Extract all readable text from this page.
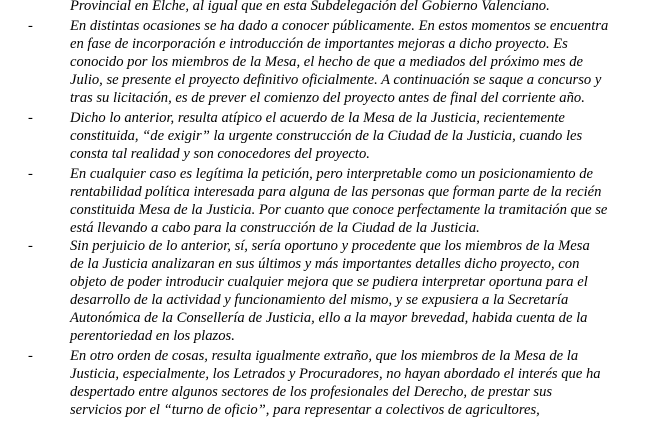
Provincial en Elche, al igual que en esta Subdelegación del Gobierno Valenciano.
-	En distintas ocasiones se ha dado a conocer públicamente. En estos momentos se encuentra
en fase de incorporación e introducción de importantes mejoras a dicho proyecto. Es
conocido por los miembros de la Mesa, el hecho de que a mediados del próximo mes de
Julio, se presente el proyecto definitivo oficialmente. A continuación se saque a concurso y
tras su licitación, es de prever el comienzo del proyecto antes de final del corriente año.
-	Dicho lo anterior, resulta atípico el acuerdo de la Mesa de la Justicia, recientemente
constituida, “de exigir” la urgente construcción de la Ciudad de la Justicia, cuando les
consta tal realidad y son conocedores del proyecto.
-	En cualquier caso es legítima la petición, pero interpretable como un posicionamiento de
rentabilidad política interesada para alguna de las personas que forman parte de la recién
constituida Mesa de la Justicia. Por cuanto que conoce perfectamente la tramitación que se
está llevando a cabo para la construcción de la Ciudad de la Justicia.
-	Sin perjuicio de lo anterior, sí, sería oportuno y procedente que los miembros de la Mesa
de la Justicia analizaran en sus últimos y más importantes detalles dicho proyecto, con
objeto de poder introducir cualquier mejora que se pudiera interpretar oportuna para el
desarrollo de la actividad y funcionamiento del mismo, y se expusiera a la Secretaría
Autonómica de la Consellería de Justicia, ello a la mayor brevedad, habida cuenta de la
perentoriedad en los plazos.
-	En otro orden de cosas, resulta igualmente extraño, que los miembros de la Mesa de la
Justicia, especialmente, los Letrados y Procuradores, no hayan abordado el interés que ha
despertado entre algunos sectores de los profesionales del Derecho, de prestar sus
servicios por el “turno de oficio”, para representar a colectivos de agricultores,
